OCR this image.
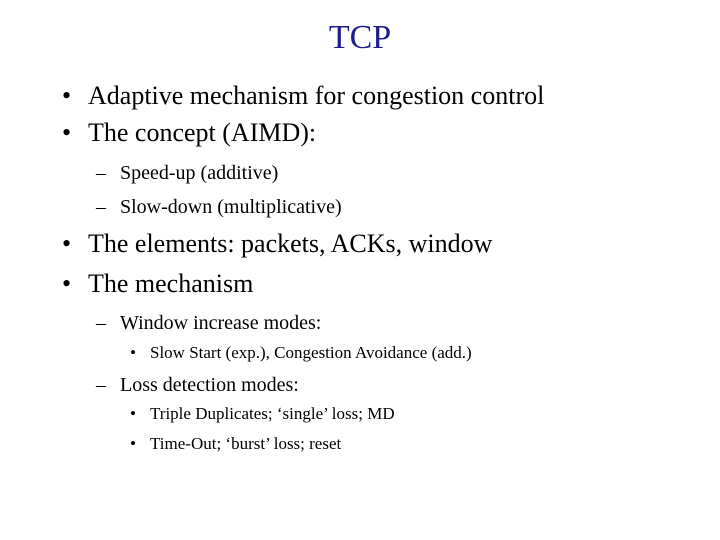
TCP
• Adaptive mechanism for congestion control
• The concept (AIMD):
– Speed-up (additive)
– Slow-down (multiplicative)
• The elements: packets, ACKs, window
• The mechanism
– Window increase modes:
• Slow Start (exp.), Congestion Avoidance (add.)
– Loss detection modes:
• Triple Duplicates; ‘single’ loss; MD
• Time-Out; ‘burst’ loss; reset
